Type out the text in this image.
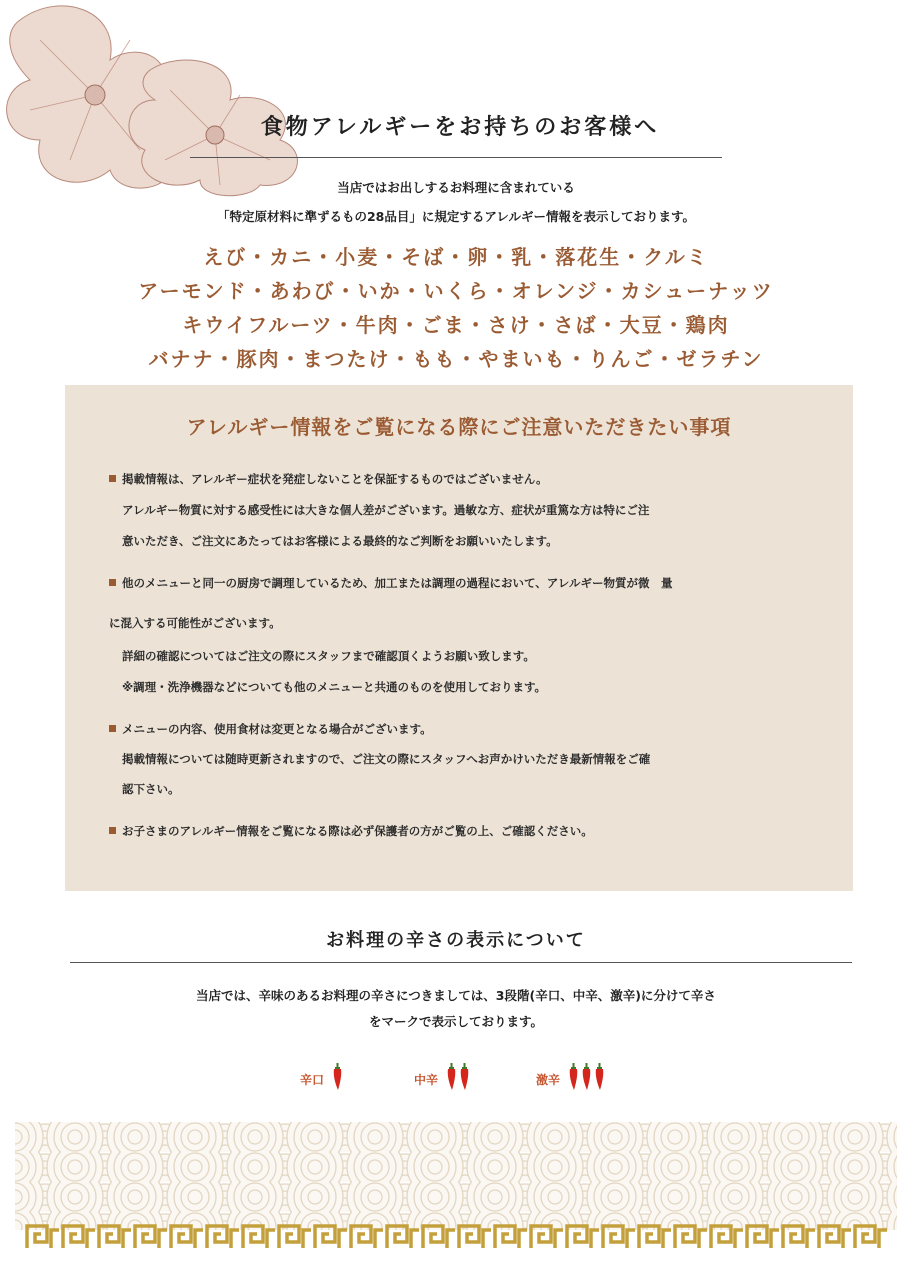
食物アレルギーをお持ちのお客様へ
当店ではお出しするお料理に含まれている
「特定原材料に準ずるもの28品目」に規定するアレルギー情報を表示しております。
えび・カニ・小麦・そば・卵・乳・落花生・クルミ
アーモンド・あわび・いか・いくら・オレンジ・カシューナッツ
キウイフルーツ・牛肉・ごま・さけ・さば・大豆・鶏肉
バナナ・豚肉・まつたけ・もも・やまいも・りんご・ゼラチン
アレルギー情報をご覧になる際にご注意いただきたい事項
掲載情報は、アレルギー症状を発症しないことを保証するものではございません。
アレルギー物質に対する感受性には大きな個人差がございます。過敏な方、症状が重篤な方は特にご注
意いただき、ご注文にあたってはお客様による最終的なご判断をお願いいたします。
他のメニューと同一の厨房で調理しているため、加工または調理の過程において、アレルギー物質が微　量
に混入する可能性がございます。
詳細の確認についてはご注文の際にスタッフまで確認頂くようお願い致します。
※調理・洗浄機器などについても他のメニューと共通のものを使用しております。
メニューの内容、使用食材は変更となる場合がございます。
掲載情報については随時更新されますので、ご注文の際にスタッフへお声かけいただき最新情報をご確
認下さい。
お子さまのアレルギー情報をご覧になる際は必ず保護者の方がご覧の上、ご確認ください。
お料理の辛さの表示について
当店では、辛味のあるお料理の辛さにつきましては、3段階(辛口、中辛、激辛)に分けて辛さ
をマークで表示しております。
辛口	中辛	激辛
